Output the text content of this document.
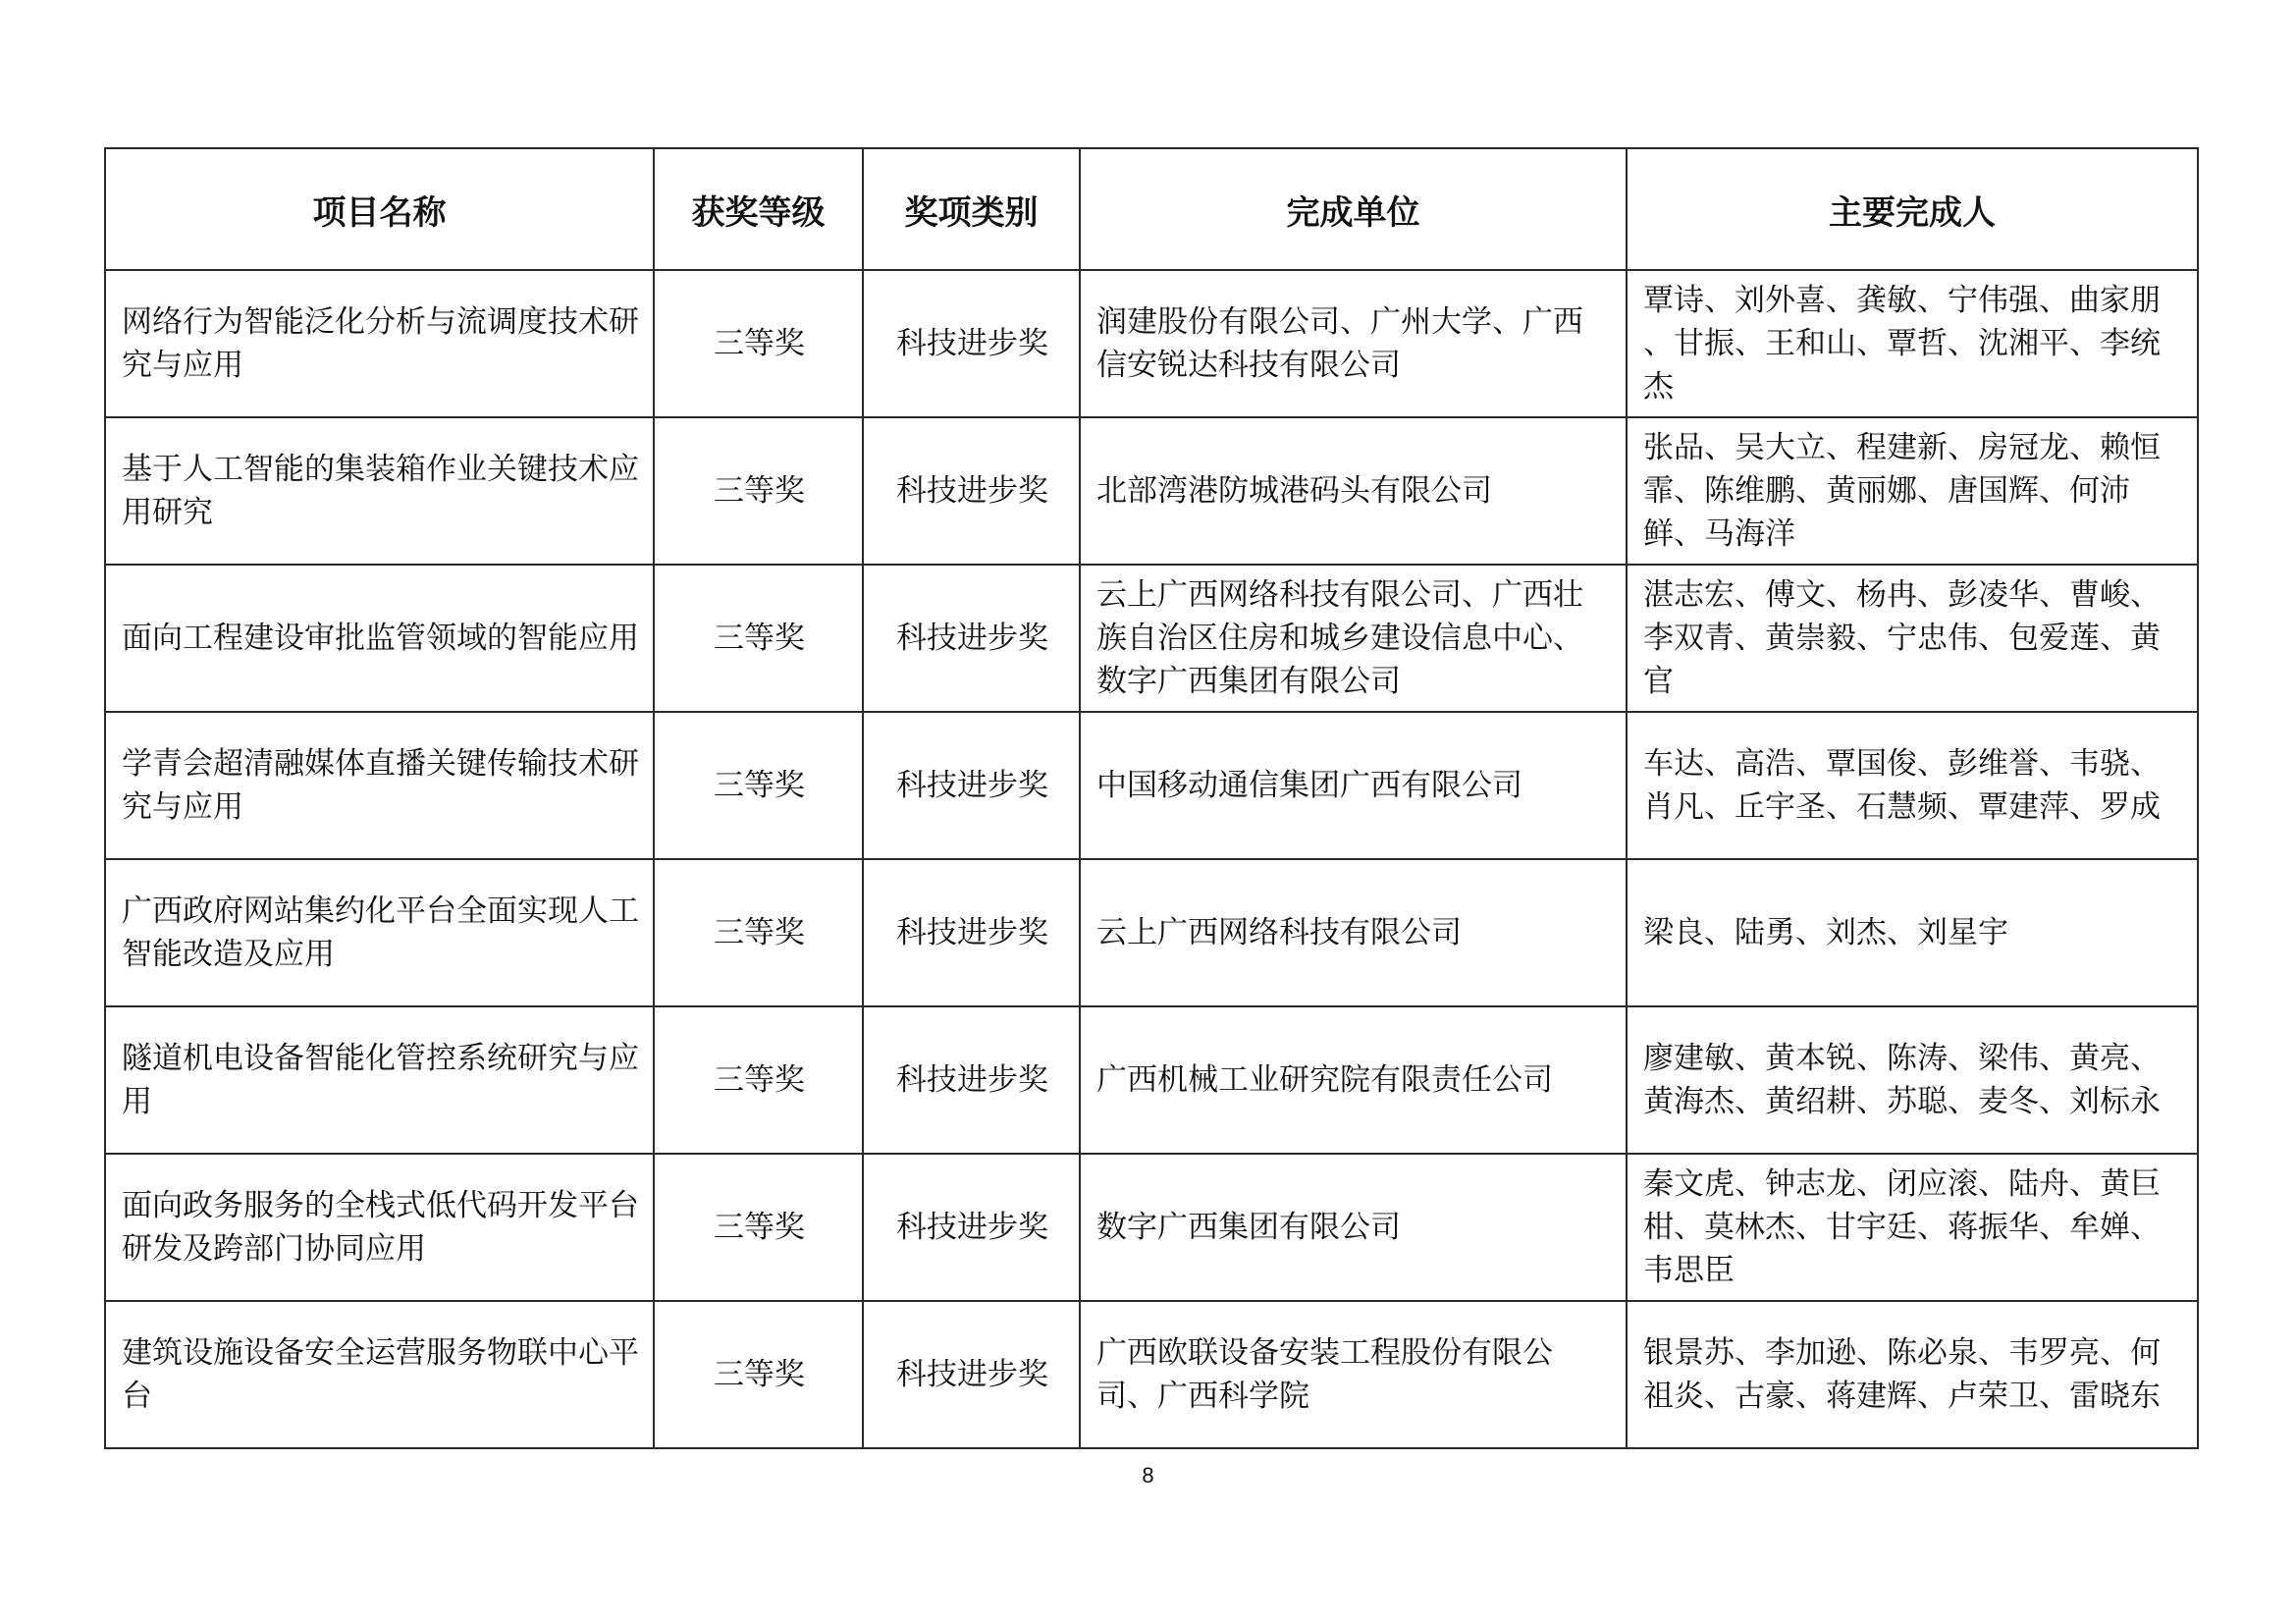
项目名称	获奖等级	奖项类别	完成单位	主要完成人
网络行为智能泛化分析与流调度技术研究与应用	三等奖	科技进步奖	润建股份有限公司、广州大学、广西信安锐达科技有限公司	覃诗、刘外喜、龚敏、宁伟强、曲家朋 、甘振、王和山、覃哲、沈湘平、李统杰
基于人工智能的集装箱作业关键技术应用研究	三等奖	科技进步奖	北部湾港防城港码头有限公司	张品、吴大立、程建新、房冠龙、赖恒霏、陈维鹏、黄丽娜、唐国辉、何沛鲜、马海洋
面向工程建设审批监管领域的智能应用	三等奖	科技进步奖	云上广西网络科技有限公司、广西壮族自治区住房和城乡建设信息中心、数字广西集团有限公司	湛志宏、傅文、杨冉、彭凌华、曹峻、李双青、黄崇毅、宁忠伟、包爱莲、黄官
学青会超清融媒体直播关键传输技术研究与应用	三等奖	科技进步奖	中国移动通信集团广西有限公司	车达、高浩、覃国俊、彭维誉、韦骁、肖凡、丘宇圣、石慧频、覃建萍、罗成
广西政府网站集约化平台全面实现人工智能改造及应用	三等奖	科技进步奖	云上广西网络科技有限公司	梁良、陆勇、刘杰、刘星宇
隧道机电设备智能化管控系统研究与应用	三等奖	科技进步奖	广西机械工业研究院有限责任公司	廖建敏、黄本锐、陈涛、梁伟、黄亮、黄海杰、黄绍耕、苏聪、麦冬、刘标永
面向政务服务的全栈式低代码开发平台研发及跨部门协同应用	三等奖	科技进步奖	数字广西集团有限公司	秦文虎、钟志龙、闭应滚、陆舟、黄巨柑、莫林杰、甘宇廷、蒋振华、牟婵、韦思臣
建筑设施设备安全运营服务物联中心平台	三等奖	科技进步奖	广西欧联设备安装工程股份有限公司、广西科学院	银景苏、李加逊、陈必泉、韦罗亮、何祖炎、古豪、蒋建辉、卢荣卫、雷晓东
8
